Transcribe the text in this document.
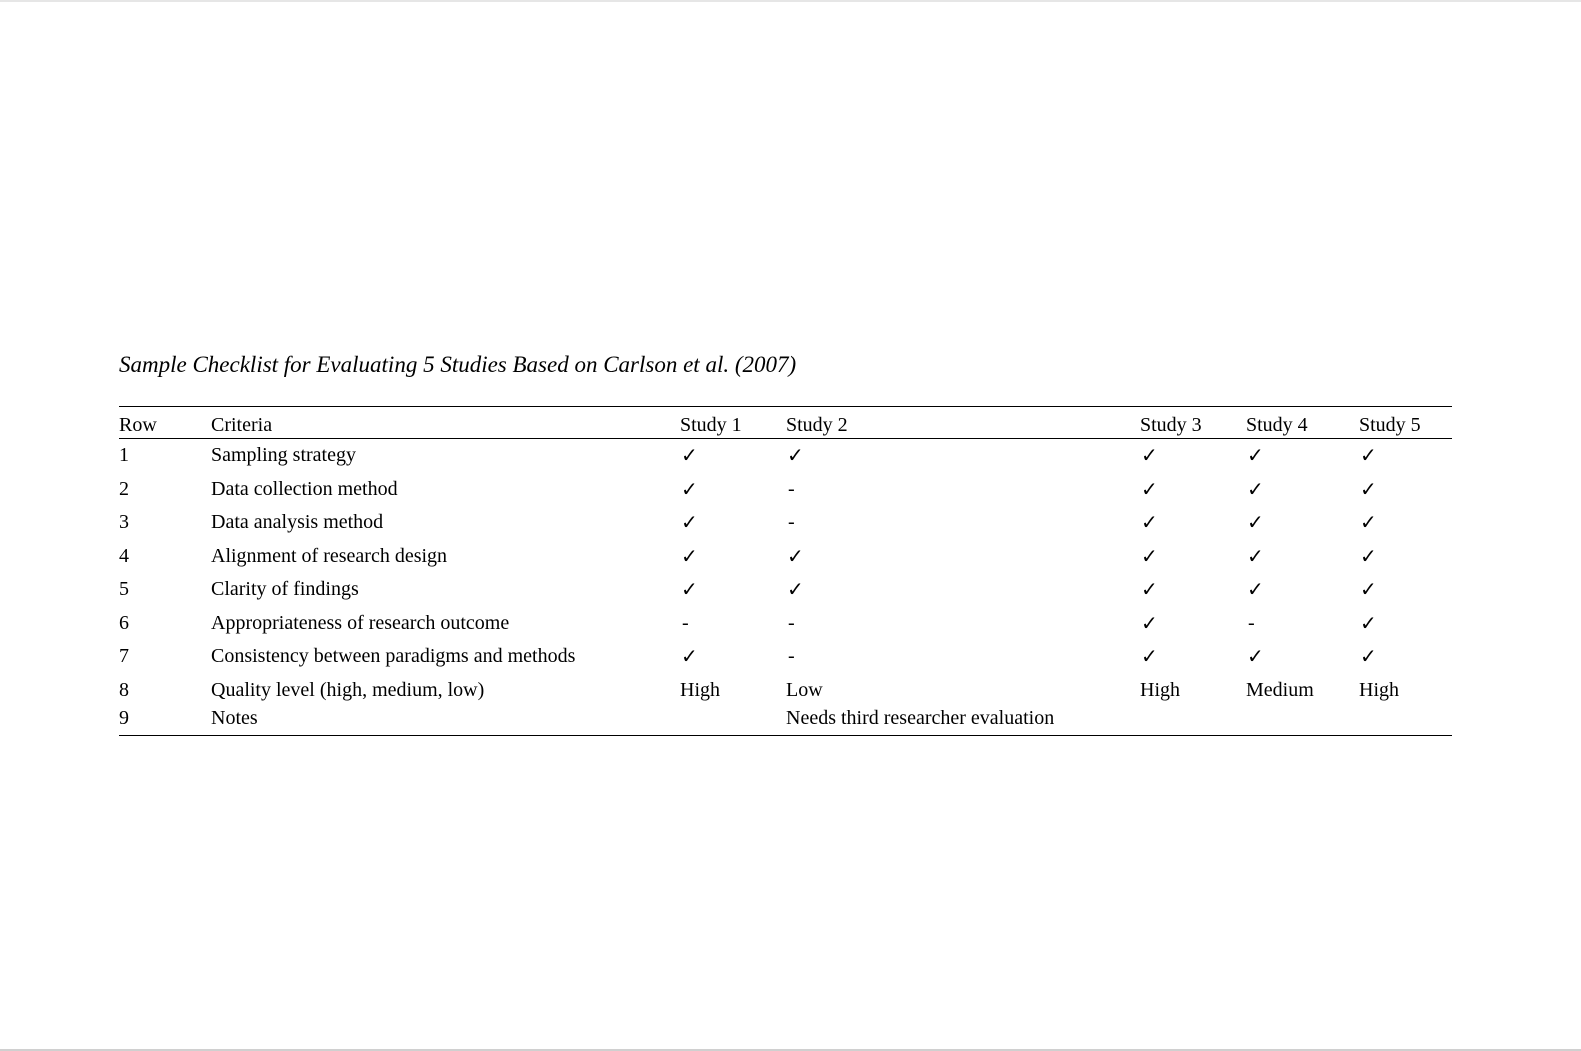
Sample Checklist for Evaluating 5 Studies Based on Carlson et al. (2007)
Row	Criteria	Study 1	Study 2	Study 3	Study 4	Study 5
1	Sampling strategy	✓	✓	✓	✓	✓
2	Data collection method	✓	-	✓	✓	✓
3	Data analysis method	✓	-	✓	✓	✓
4	Alignment of research design	✓	✓	✓	✓	✓
5	Clarity of findings	✓	✓	✓	✓	✓
6	Appropriateness of research outcome	-	-	✓	-	✓
7	Consistency between paradigms and methods	✓	-	✓	✓	✓
8	Quality level (high, medium, low)	High	Low	High	Medium	High
9	Notes		Needs third researcher evaluation			
